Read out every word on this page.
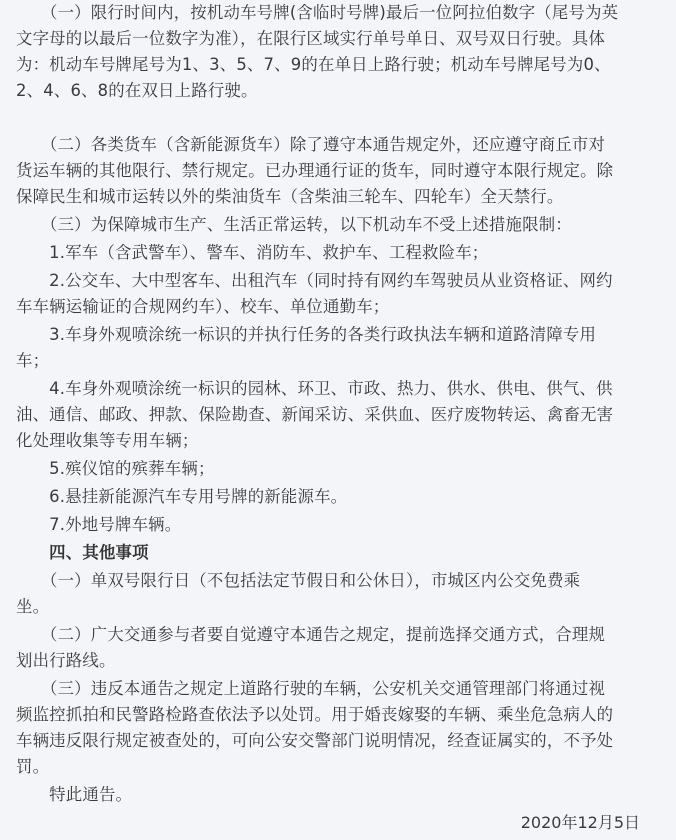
　　（一）限行时间内，按机动车号牌(含临时号牌)最后一位阿拉伯数字（尾号为英
文字母的以最后一位数字为准），在限行区域实行单号单日、双号双日行驶。具体
为：机动车号牌尾号为1、3、5、7、9的在单日上路行驶；机动车号牌尾号为0、
2、4、6、8的在双日上路行驶。
　　（二）各类货车（含新能源货车）除了遵守本通告规定外，还应遵守商丘市对
货运车辆的其他限行、禁行规定。已办理通行证的货车，同时遵守本限行规定。除
保障民生和城市运转以外的柴油货车（含柴油三轮车、四轮车）全天禁行。
　　（三）为保障城市生产、生活正常运转，以下机动车不受上述措施限制：
　　1.军车（含武警车）、警车、消防车、救护车、工程救险车；
　　2.公交车、大中型客车、出租汽车（同时持有网约车驾驶员从业资格证、网约
车车辆运输证的合规网约车）、校车、单位通勤车；
　　3.车身外观喷涂统一标识的并执行任务的各类行政执法车辆和道路清障专用
车；
　　4.车身外观喷涂统一标识的园林、环卫、市政、热力、供水、供电、供气、供
油、通信、邮政、押款、保险勘查、新闻采访、采供血、医疗废物转运、禽畜无害
化处理收集等专用车辆；
　　5.殡仪馆的殡葬车辆；
　　6.悬挂新能源汽车专用号牌的新能源车。
　　7.外地号牌车辆。
　　四、其他事项
　　（一）单双号限行日（不包括法定节假日和公休日），市城区内公交免费乘
坐。
　　（二）广大交通参与者要自觉遵守本通告之规定，提前选择交通方式，合理规
划出行路线。
　　（三）违反本通告之规定上道路行驶的车辆，公安机关交通管理部门将通过视
频监控抓拍和民警路检路查依法予以处罚。用于婚丧嫁娶的车辆、乘坐危急病人的
车辆违反限行规定被查处的，可向公安交警部门说明情况，经查证属实的，不予处
罚。
　　特此通告。
2020年12月5日
